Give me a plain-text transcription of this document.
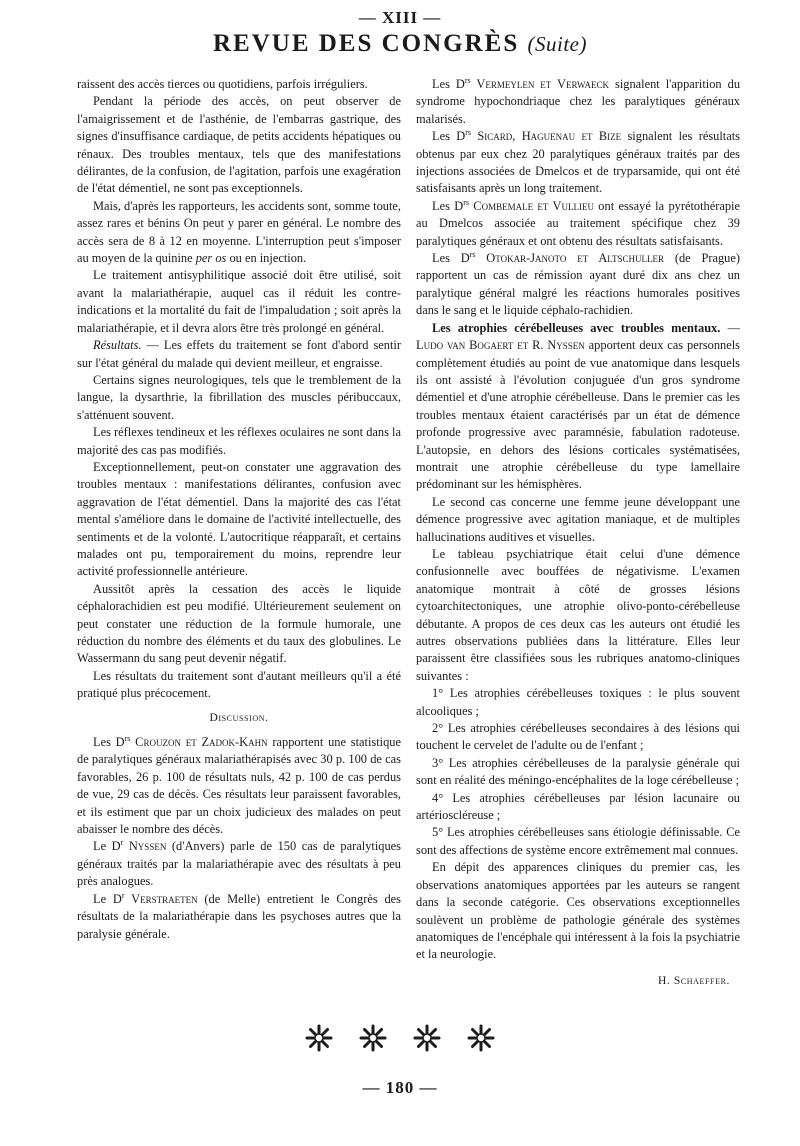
— XIII —
REVUE DES CONGRÈS (Suite)

raissent des accès tierces ou quotidiens, parfois irréguliers.

Pendant la période des accès, on peut observer de l'amaigrissement et de l'asthénie, de l'embarras gastrique, des signes d'insuffisance cardiaque, de petits accidents hépatiques ou rénaux. Des troubles mentaux, tels que des manifestations délirantes, de la confusion, de l'agitation, parfois une exagération de l'état démentiel, ne sont pas exceptionnels.

Mais, d'après les rapporteurs, les accidents sont, somme toute, assez rares et bénins On peut y parer en général. Le nombre des accès sera de 8 à 12 en moyenne. L'interruption peut s'imposer au moyen de la quinine per os ou en injection.

Le traitement antisyphilitique associé doit être utilisé, soit avant la malariathérapie, auquel cas il réduit les contre-indications et la mortalité du fait de l'impaludation ; soit après la malariathérapie, et il devra alors être très prolongé en général.

Résultats. — Les effets du traitement se font d'abord sentir sur l'état général du malade qui devient meilleur, et engraisse.

Certains signes neurologiques, tels que le tremblement de la langue, la dysarthrie, la fibrillation des muscles péribuccaux, s'atténuent souvent.

Les réflexes tendineux et les réflexes oculaires ne sont dans la majorité des cas pas modifiés.

Exceptionnellement, peut-on constater une aggravation des troubles mentaux : manifestations délirantes, confusion avec aggravation de l'état démentiel. Dans la majorité des cas l'état mental s'améliore dans le domaine de l'activité intellectuelle, des sentiments et de la volonté. L'autocritique réapparaît, et certains malades ont pu, temporairement du moins, reprendre leur activité professionnelle antérieure.

Aussitôt après la cessation des accès le liquide céphalorachidien est peu modifié. Ultérieurement seulement on peut constater une réduction de la formule humorale, une réduction du nombre des éléments et du taux des globulines. Le Wassermann du sang peut devenir négatif.

Les résultats du traitement sont d'autant meilleurs qu'il a été pratiqué plus précocement.

Discussion.

Les $D^{rs}$ Crouzon et Zadok-Kahn rapportent une statistique de paralytiques généraux malariathérapisés avec 30 p. 100 de cas favorables, 26 p. 100 de résultats nuls, 42 p. 100 de cas perdus de vue, 29 cas de décès. Ces résultats leur paraissent favorables, et ils estiment que par un choix judicieux des malades on peut abaisser le nombre des décès.

Le $D^r$ Nyssen (d'Anvers) parle de 150 cas de paralytiques généraux traités par la malariathérapie avec des résultats à peu près analogues.

Le $D^r$ Verstraeten (de Melle) entretient le Congrès des résultats de la malariathérapie dans les psychoses autres que la paralysie générale.

Les $D^{rs}$ Vermeylen et Verwaeck signalent l'apparition du syndrome hypochondriaque chez les paralytiques généraux malarisés.

Les $D^{rs}$ Sicard, Haguenau et Bize signalent les résultats obtenus par eux chez 20 paralytiques généraux traités par des injections associées de Dmelcos et de tryparsamide, qui ont été satisfaisants après un long traitement.

Les $D^{rs}$ Combemale et Vullieu ont essayé la pyrétothérapie au Dmelcos associée au traitement spécifique chez 39 paralytiques généraux et ont obtenu des résultats satisfaisants.

Les $D^{rs}$ Otokar-Janoto et Altschuller (de Prague) rapportent un cas de rémission ayant duré dix ans chez un paralytique général malgré les réactions humorales positives dans le sang et le liquide céphalo-rachidien.

Les atrophies cérébelleuses avec troubles mentaux. — Ludo van Bogaert et R. Nyssen apportent deux cas personnels complètement étudiés au point de vue anatomique dans lesquels ils ont assisté à l'évolution conjuguée d'un gros syndrome démentiel et d'une atrophie cérébelleuse. Dans le premier cas les troubles mentaux étaient caractérisés par un état de démence profonde progressive avec paramnésie, fabulation radoteuse. L'autopsie, en dehors des lésions corticales systématisées, montrait une atrophie cérébelleuse du type lamellaire prédominant sur les hémisphères.

Le second cas concerne une femme jeune développant une démence progressive avec agitation maniaque, et de multiples hallucinations auditives et visuelles.

Le tableau psychiatrique était celui d'une démence confusionnelle avec bouffées de négativisme. L'examen anatomique montrait à côté de grosses lésions cytoarchitectoniques, une atrophie olivo-ponto-cérébelleuse débutante. A propos de ces deux cas les auteurs ont étudié les autres observations publiées dans la littérature. Elles leur paraissent être classifiées sous les rubriques anatomo-cliniques suivantes :

1° Les atrophies cérébelleuses toxiques : le plus souvent alcooliques ;

2° Les atrophies cérébelleuses secondaires à des lésions qui touchent le cervelet de l'adulte ou de l'enfant ;

3° Les atrophies cérébelleuses de la paralysie générale qui sont en réalité des méningo-encéphalites de la loge cérébelleuse ;

4° Les atrophies cérébelleuses par lésion lacunaire ou artérioscléreuse ;

5° Les atrophies cérébelleuses sans étiologie définissable. Ce sont des affections de système encore extrêmement mal connues.

En dépit des apparences cliniques du premier cas, les observations anatomiques apportées par les auteurs se rangent dans la seconde catégorie. Ces observations exceptionnelles soulèvent un problème de pathologie générale des systèmes anatomiques de l'encéphale qui intéressent à la fois la psychiatrie et la neurologie.

H. Schaeffer.

— 180 —
